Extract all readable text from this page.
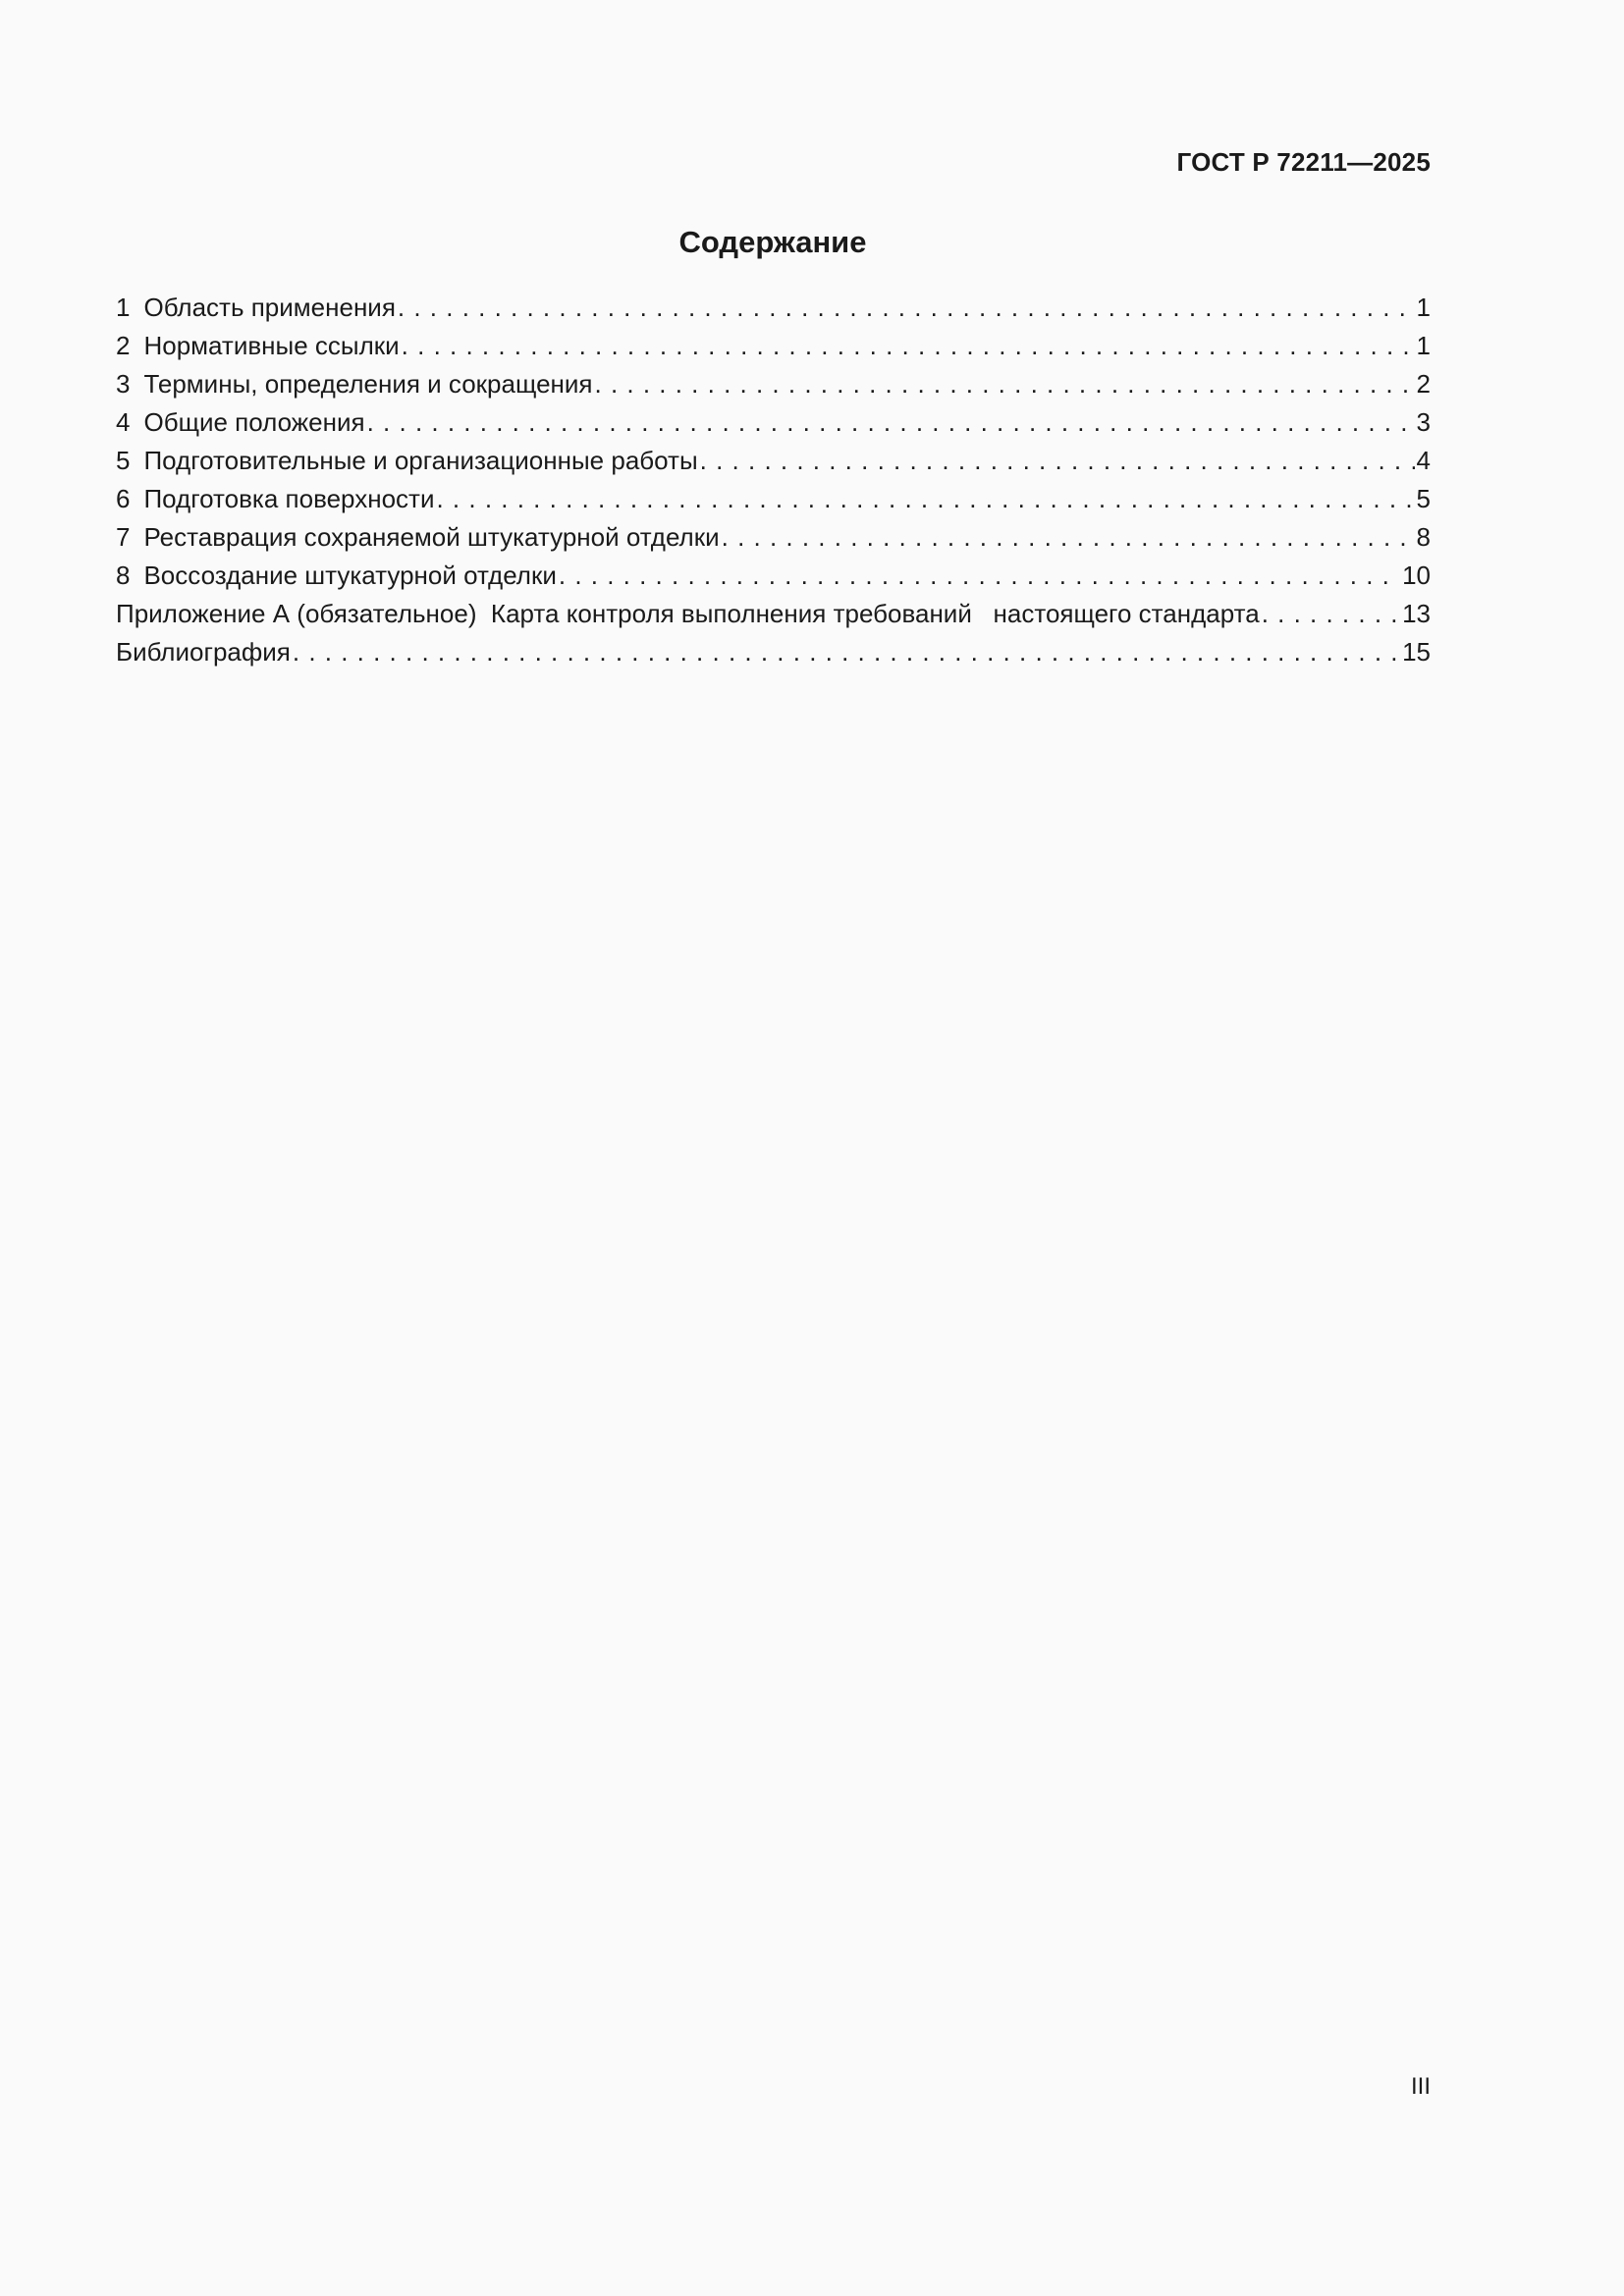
ГОСТ Р 72211—2025
Содержание
1 Область применения . . .	1
2 Нормативные ссылки . . .	1
3 Термины, определения и сокращения . . .	2
4 Общие положения . . .	3
5 Подготовительные и организационные работы . . .	4
6 Подготовка поверхности . . .	5
7 Реставрация сохраняемой штукатурной отделки . . .	8
8 Воссоздание штукатурной отделки . . .	10
Приложение А (обязательное)  Карта контроля выполнения требований   настоящего стандарта . . .	13
Библиография . . .	15
III
